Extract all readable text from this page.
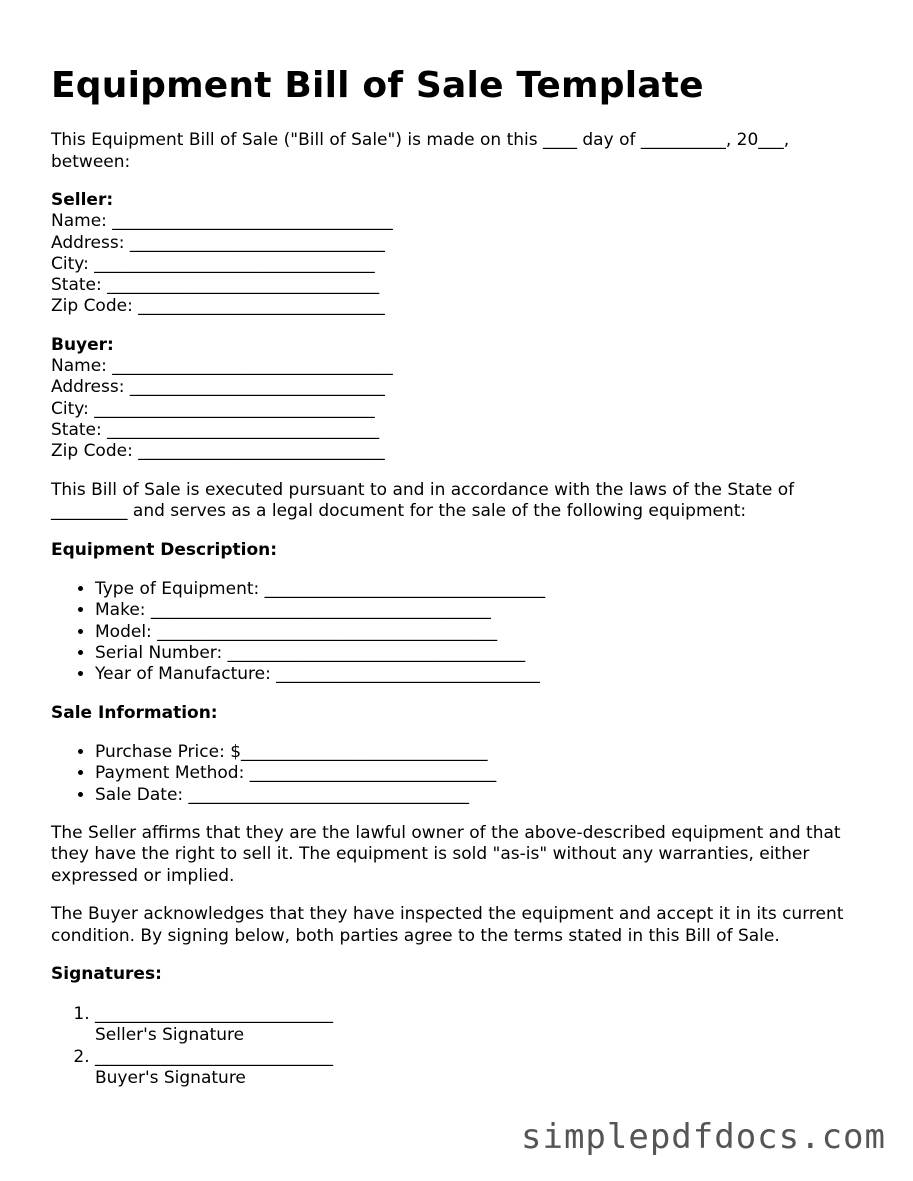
Equipment Bill of Sale Template

This Equipment Bill of Sale ("Bill of Sale") is made on this ____ day of __________, 20___, between:

Seller:
Name: _________________________________
Address: ______________________________
City: _________________________________
State: ________________________________
Zip Code: _____________________________
Buyer:
Name: _________________________________
Address: ______________________________
City: _________________________________
State: ________________________________
Zip Code: _____________________________

This Bill of Sale is executed pursuant to and in accordance with the laws of the State of _________ and serves as a legal document for the sale of the following equipment:

Equipment Description:
• Type of Equipment: _________________________________
• Make: ________________________________________
• Model: ________________________________________
• Serial Number: ___________________________________
• Year of Manufacture: _______________________________
Sale Information:
• Purchase Price: $_____________________________
• Payment Method: _____________________________
• Sale Date: _________________________________

The Seller affirms that they are the lawful owner of the above-described equipment and that they have the right to sell it. The equipment is sold "as-is" without any warranties, either expressed or implied.

The Buyer acknowledges that they have inspected the equipment and accept it in its current condition. By signing below, both parties agree to the terms stated in this Bill of Sale.

Signatures:
1. ____________________________
Seller's Signature
2. ____________________________
Buyer's Signature
simplepdfdocs.com
